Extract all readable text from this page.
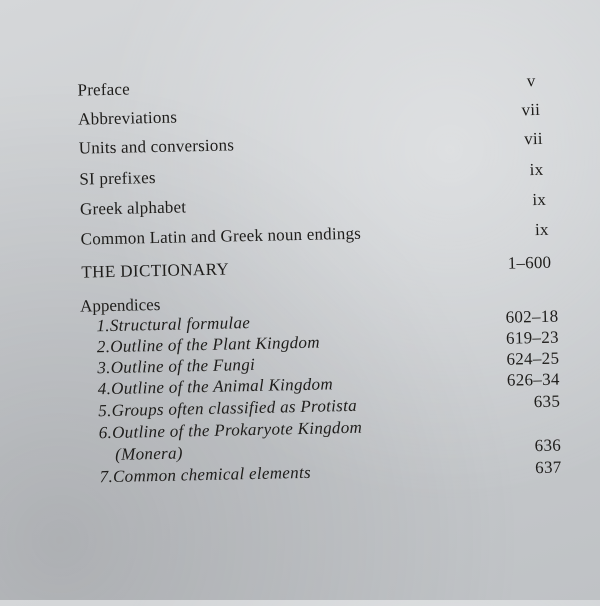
Preface	v
Abbreviations	vii
Units and conversions	vii
SI prefixes	ix
Greek alphabet	ix
Common Latin and Greek noun endings	ix
THE DICTIONARY	1–600
Appendices
1.Structural formulae	602–18
2.Outline of the Plant Kingdom	619–23
3.Outline of the Fungi	624–25
4.Outline of the Animal Kingdom	626–34
5.Groups often classified as Protista	635
6.Outline of the Prokaryote Kingdom
(Monera)	636
7.Common chemical elements	637
